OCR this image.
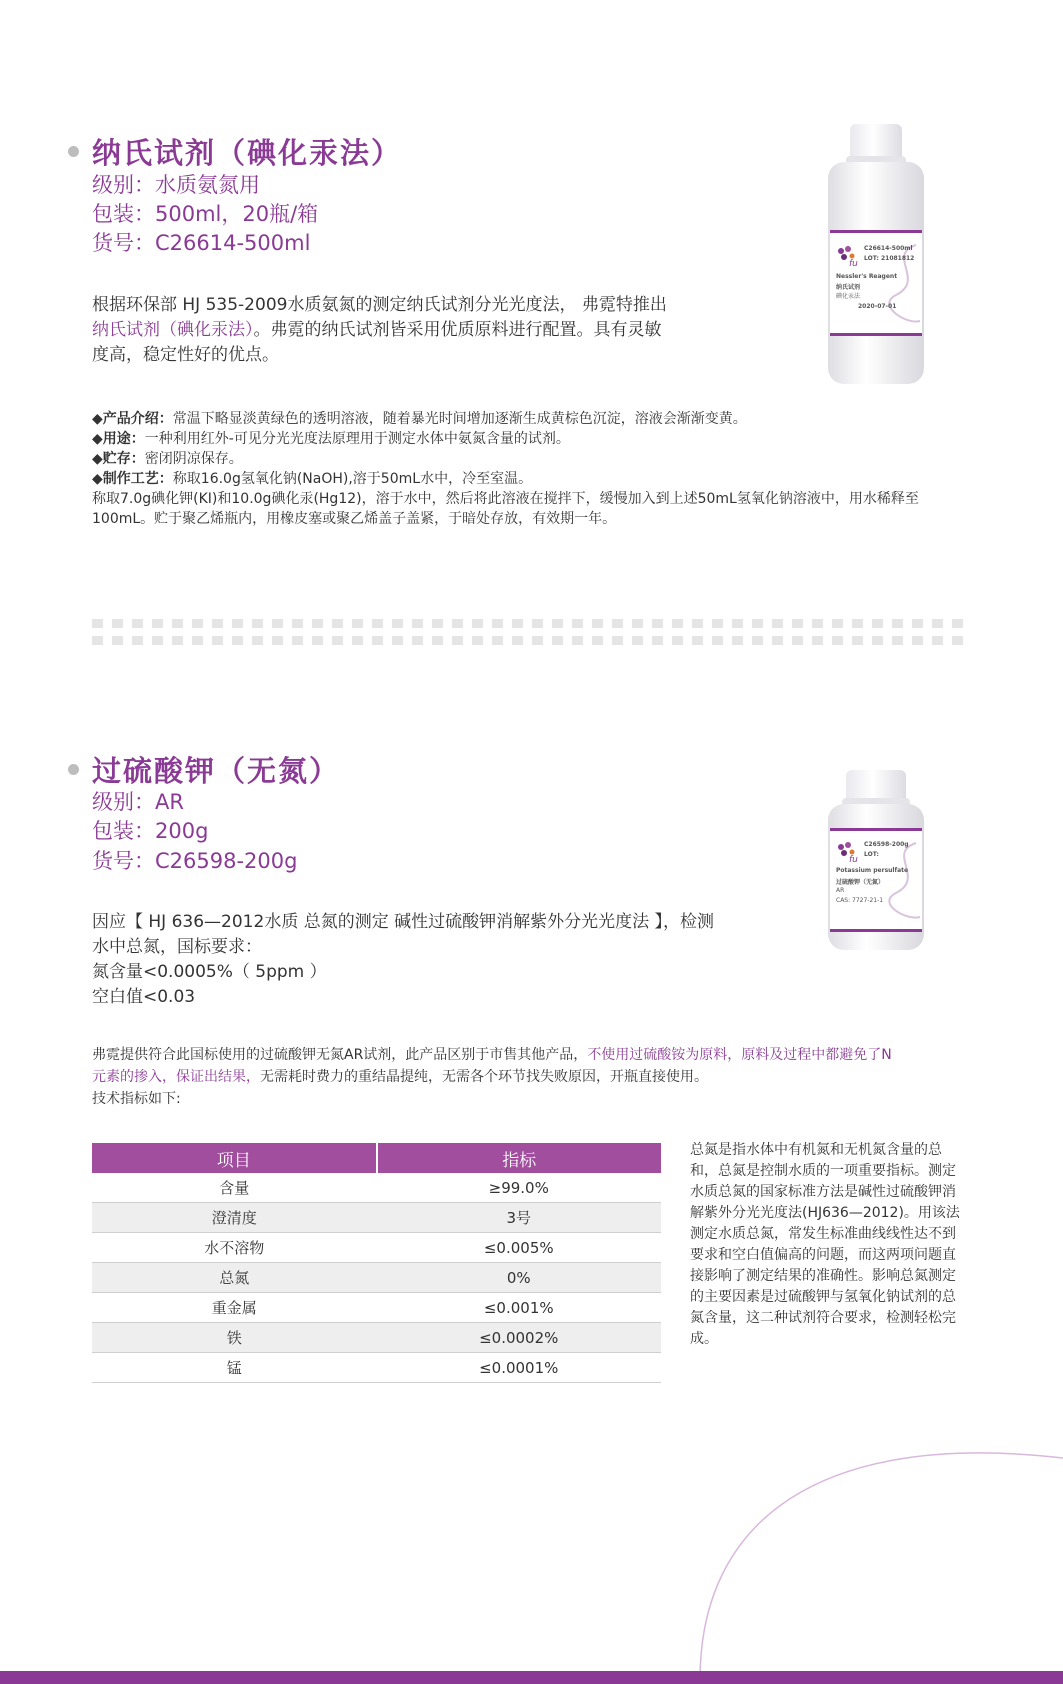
纳氏试剂（碘化汞法）
级别：水质氨氮用
包装：500ml，20瓶/箱
货号：C26614-500ml
根据环保部 HJ 535-2009水质氨氮的测定纳氏试剂分光光度法， 弗霓特推出
纳氏试剂（碘化汞法）。弗霓的纳氏试剂皆采用优质原料进行配置。具有灵敏
度高，稳定性好的优点。
fu
C26614-500ml
LOT: 21081812
Nessler's Reagent
纳氏试剂
碘化汞法
2020-07-01
◆产品介绍：常温下略显淡黄绿色的透明溶液，随着暴光时间增加逐渐生成黄棕色沉淀，溶液会渐渐变黄。
◆用途：一种利用红外-可见分光光度法原理用于测定水体中氨氮含量的试剂。
◆贮存：密闭阴凉保存。
◆制作工艺：称取16.0g氢氧化钠(NaOH),溶于50mL水中，冷至室温。
称取7.0g碘化钾(KI)和10.0g碘化汞(Hg12)，溶于水中，然后将此溶液在搅拌下，缓慢加入到上述50mL氢氧化钠溶液中，用水稀释至100mL。贮于聚乙烯瓶内，用橡皮塞或聚乙烯盖子盖紧，于暗处存放，有效期一年。
过硫酸钾（无氮）
级别：AR
包装：200g
货号：C26598-200g	fu
C26598-200g
LOT:
Potassium persulfate
过硫酸钾（无氮）
AR
CAS: 7727-21-1
因应【 HJ 636—2012水质 总氮的测定 碱性过硫酸钾消解紫外分光光度法 】，检测
水中总氮，国标要求：
氮含量<0.0005%（ 5ppm ）
空白值<0.03
弗霓提供符合此国标使用的过硫酸钾无氮AR试剂，此产品区别于市售其他产品，不使用过硫酸铵为原料，原料及过程中都避免了N
元素的掺入，保证出结果，无需耗时费力的重结晶提纯，无需各个环节找失败原因，开瓶直接使用。
技术指标如下:
项目	指标
含量	≥99.0%
澄清度	3号
水不溶物	≤0.005%
总氮	0%
重金属	≤0.001%
铁	≤0.0002%
锰	≤0.0001%
总氮是指水体中有机氮和无机氮含量的总和，总氮是控制水质的一项重要指标。测定水质总氮的国家标准方法是碱性过硫酸钾消解紫外分光光度法(HJ636—2012)。用该法测定水质总氮，常发生标准曲线线性达不到要求和空白值偏高的问题，而这两项问题直接影响了测定结果的准确性。影响总氮测定的主要因素是过硫酸钾与氢氧化钠试剂的总氮含量，这二种试剂符合要求，检测轻松完成。
